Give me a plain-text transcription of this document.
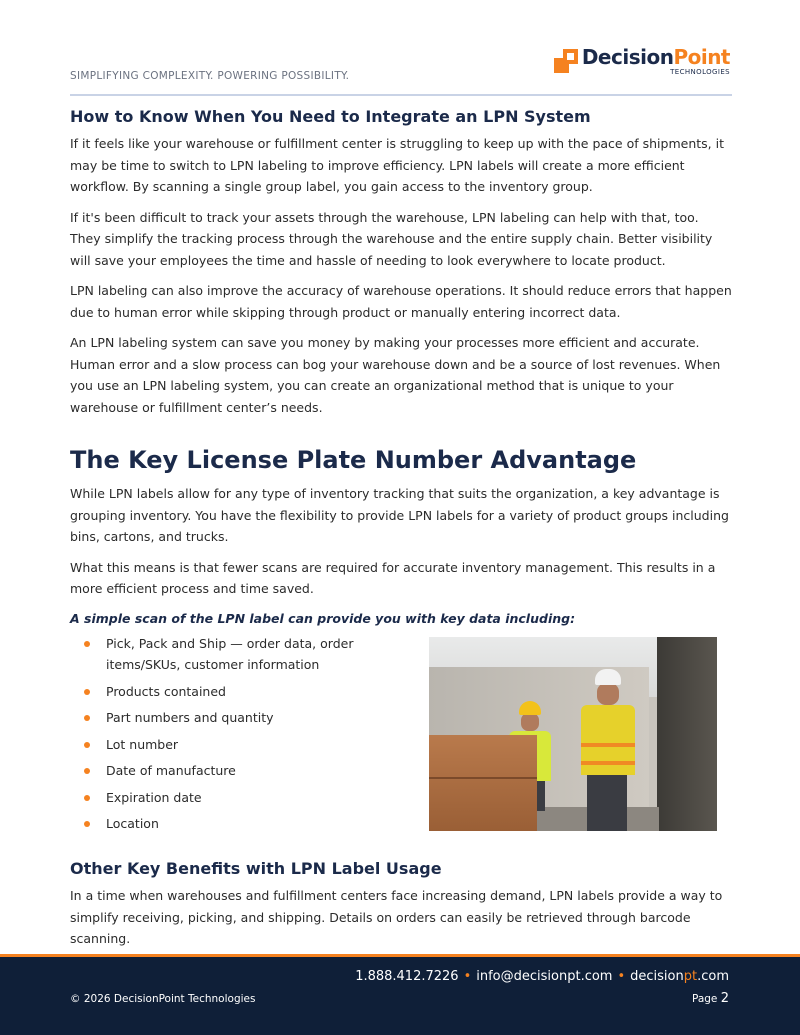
SIMPLIFYING COMPLEXITY. POWERING POSSIBILITY.
DecisionPoint
TECHNOLOGIES
How to Know When You Need to Integrate an LPN System

If it feels like your warehouse or fulfillment center is struggling to keep up with the pace of shipments, it may be time to switch to LPN labeling to improve efficiency. LPN labels will create a more efficient workflow. By scanning a single group label, you gain access to the inventory group.

If it's been difficult to track your assets through the warehouse, LPN labeling can help with that, too. They simplify the tracking process through the warehouse and the entire supply chain. Better visibility will save your employees the time and hassle of needing to look everywhere to locate product.

LPN labeling can also improve the accuracy of warehouse operations. It should reduce errors that happen due to human error while skipping through product or manually entering incorrect data.

An LPN labeling system can save you money by making your processes more efficient and accurate. Human error and a slow process can bog your warehouse down and be a source of lost revenues. When you use an LPN labeling system, you can create an organizational method that is unique to your warehouse or fulfillment center’s needs.

The Key License Plate Number Advantage

While LPN labels allow for any type of inventory tracking that suits the organization, a key advantage is grouping inventory. You have the flexibility to provide LPN labels for a variety of product groups including bins, cartons, and trucks.

What this means is that fewer scans are required for accurate inventory management. This results in a more efficient process and time saved.

A simple scan of the LPN label can provide you with key data including:

Pick, Pack and Ship — order data, order items/SKUs, customer information
Products contained
Part numbers and quantity
Lot number
Date of manufacture
Expiration date
Location
Other Key Benefits with LPN Label Usage

In a time when warehouses and fulfillment centers face increasing demand, LPN labels provide a way to simplify receiving, picking, and shipping. Details on orders can easily be retrieved through barcode scanning.

1.888.412.7226 • info@decisionpt.com • decisionpt.com
© 2026 DecisionPoint Technologies	Page 2
